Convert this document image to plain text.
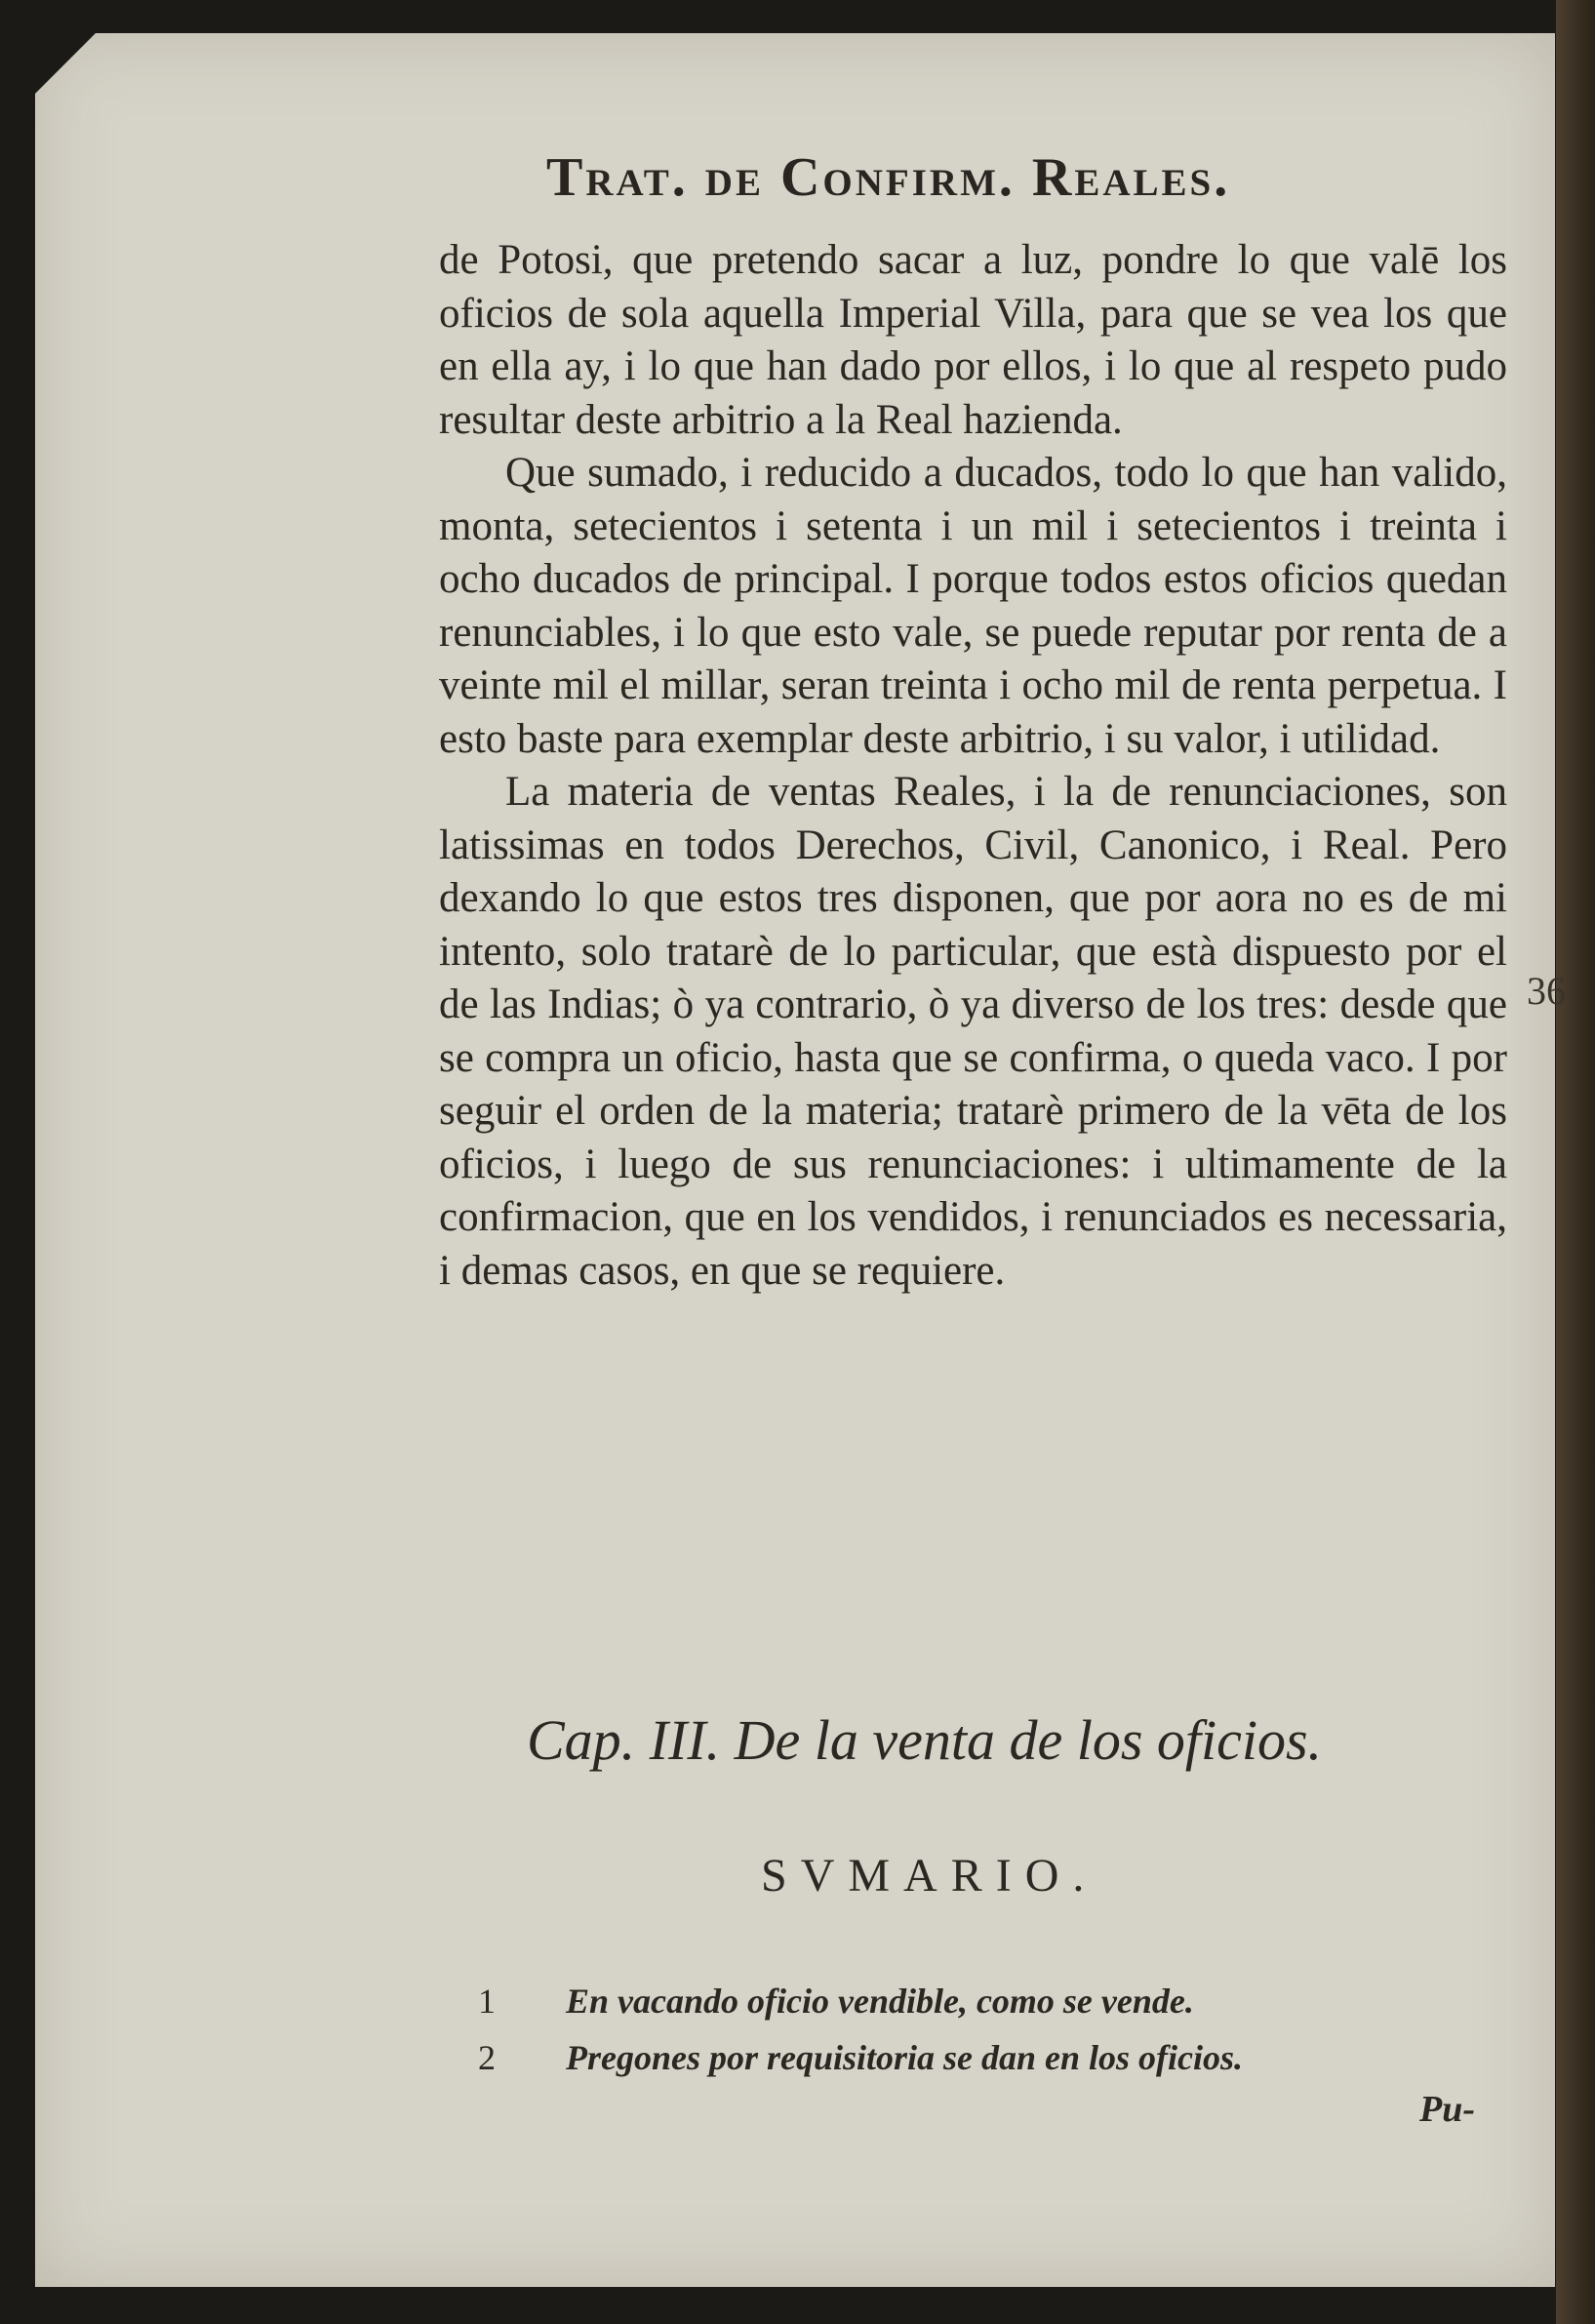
Trat. de Confirm. Reales.

de Potosi, que pretendo sacar a luz, pondre lo que valē los oficios de sola aquella Imperial Villa, para que se vea los que en ella ay, i lo que han dado por ellos, i lo que al respeto pudo resultar deste arbitrio a la Real hazienda.

Que sumado, i reducido a ducados, todo lo que han valido, monta, setecientos i setenta i un mil i setecientos i treinta i ocho ducados de principal. I porque todos estos oficios quedan renunciables, i lo que esto vale, se puede reputar por renta de a veinte mil el millar, seran treinta i ocho mil de renta perpetua. I esto baste para exemplar deste arbitrio, i su valor, i utilidad.

La materia de ventas Reales, i la de renunciaciones, son latissimas en todos Derechos, Civil, Canonico, i Real. Pero dexando lo que estos tres disponen, que por aora no es de mi intento, solo tratarè de lo particular, que està dispuesto por el de las Indias; ò ya contrario, ò ya diverso de los tres: desde que se compra un oficio, hasta que se confirma, o queda vaco. I por seguir el orden de la materia; tratarè primero de la vēta de los oficios, i luego de sus renunciaciones: i ultimamente de la confirmacion, que en los vendidos, i renunciados es necessaria, i demas casos, en que se requiere.

36
Cap. III. De la venta de los oficios.
SVMARIO.
1 En vacando oficio vendible, como se vende.
2 Pregones por requisitoria se dan en los oficios.
Pu-
